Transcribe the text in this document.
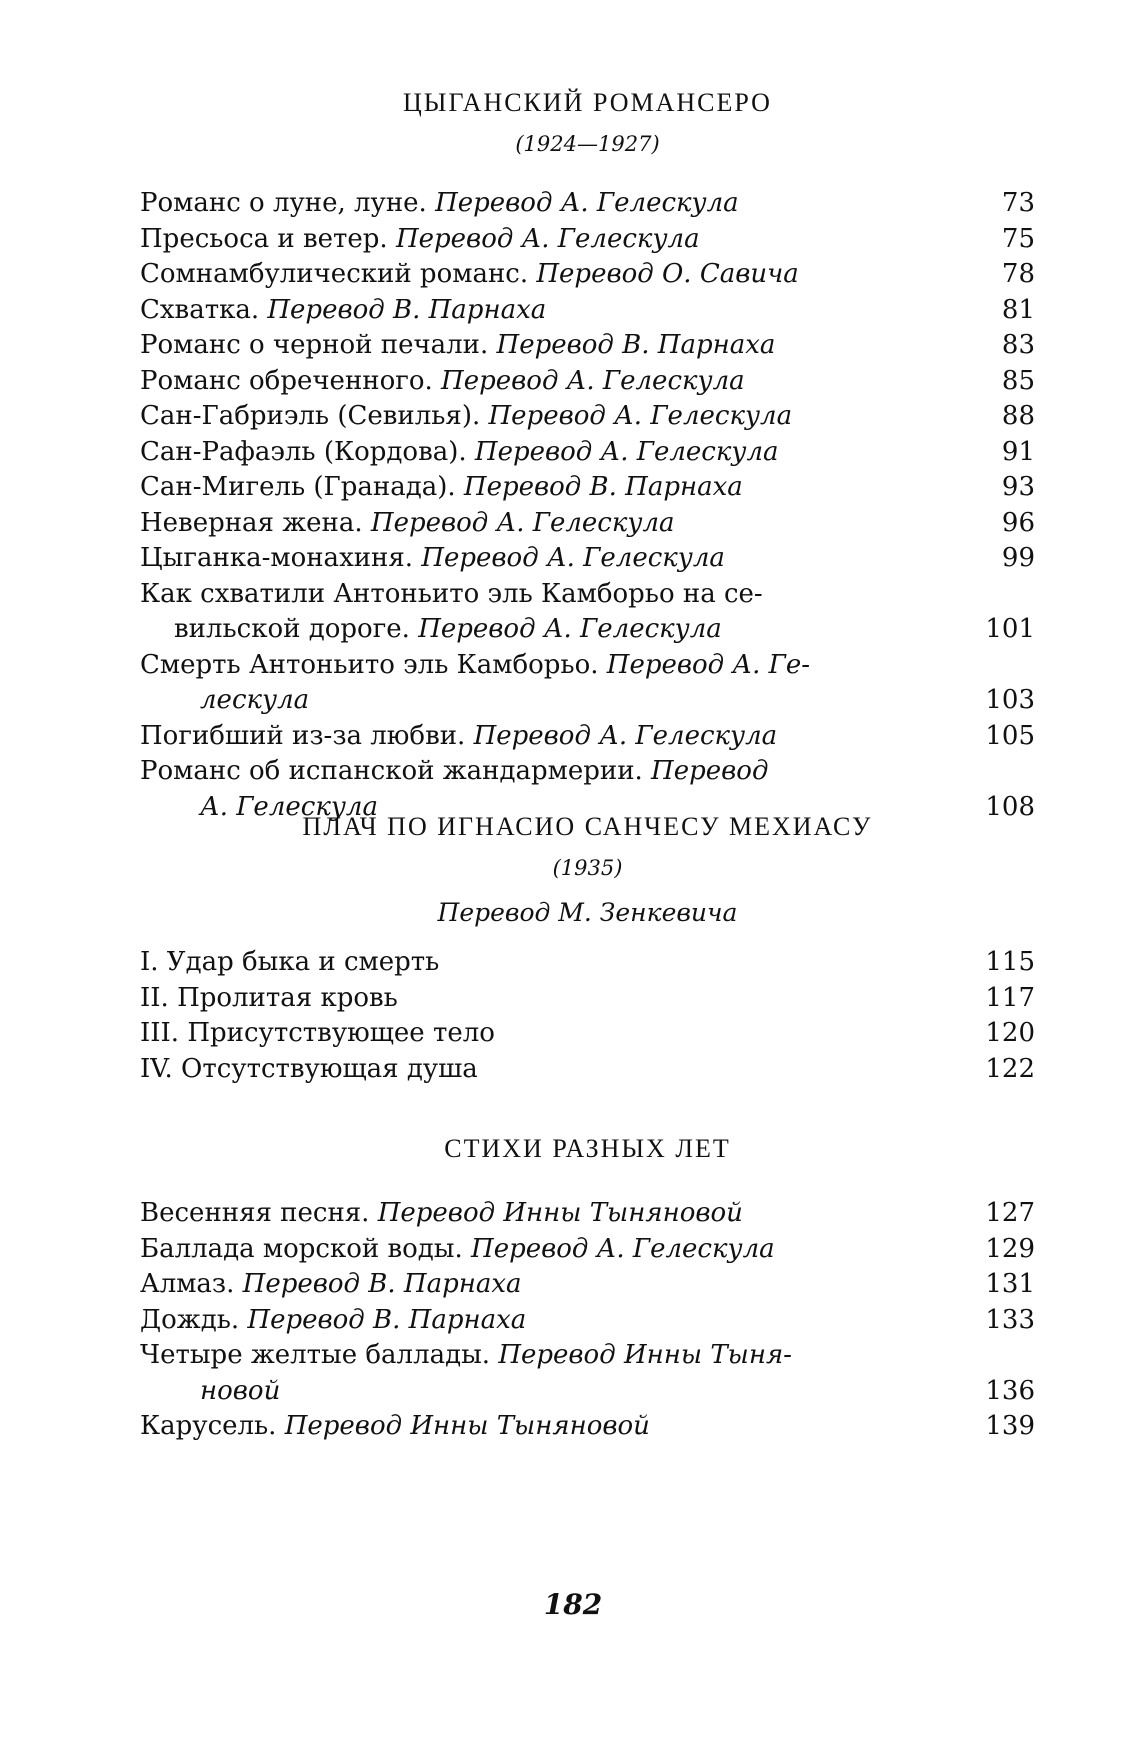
ЦЫГАНСКИЙ РОМАНСЕРО
(1924—1927)
Романс о луне, луне. Перевод А. Гелескула	73
Пресьоса и ветер. Перевод А. Гелескула	75
Сомнамбулический романс. Перевод О. Савича	78
Схватка. Перевод В. Парнаха	81
Романс о черной печали. Перевод В. Парнаха	83
Романс обреченного. Перевод А. Гелескула	85
Сан-Габриэль (Севилья). Перевод А. Гелескула	88
Сан-Рафаэль (Кордова). Перевод А. Гелескула	91
Сан-Мигель (Гранада). Перевод В. Парнаха	93
Неверная жена. Перевод А. Гелескула	96
Цыганка-монахиня. Перевод А. Гелескула	99
Как схватили Антоньито эль Камборьо на се-
вильской дороге. Перевод А. Гелескула	101
Смерть Антоньито эль Камборьо. Перевод А. Ге-
лескула	103
Погибший из-за любви. Перевод А. Гелескула	105
Романс об испанской жандармерии. Перевод
А. Гелескула	108
ПЛАЧ ПО ИГНАСИО САНЧЕСУ МЕХИАСУ
(1935)
Перевод М. Зенкевича
I. Удар быка и смерть	115
II. Пролитая кровь	117
III. Присутствующее тело	120
IV. Отсутствующая душа	122
СТИХИ РАЗНЫХ ЛЕТ
Весенняя песня. Перевод Инны Тыняновой	127
Баллада морской воды. Перевод А. Гелескула	129
Алмаз. Перевод В. Парнаха	131
Дождь. Перевод В. Парнаха	133
Четыре желтые баллады. Перевод Инны Тыня-
новой	136
Карусель. Перевод Инны Тыняновой	139
182
